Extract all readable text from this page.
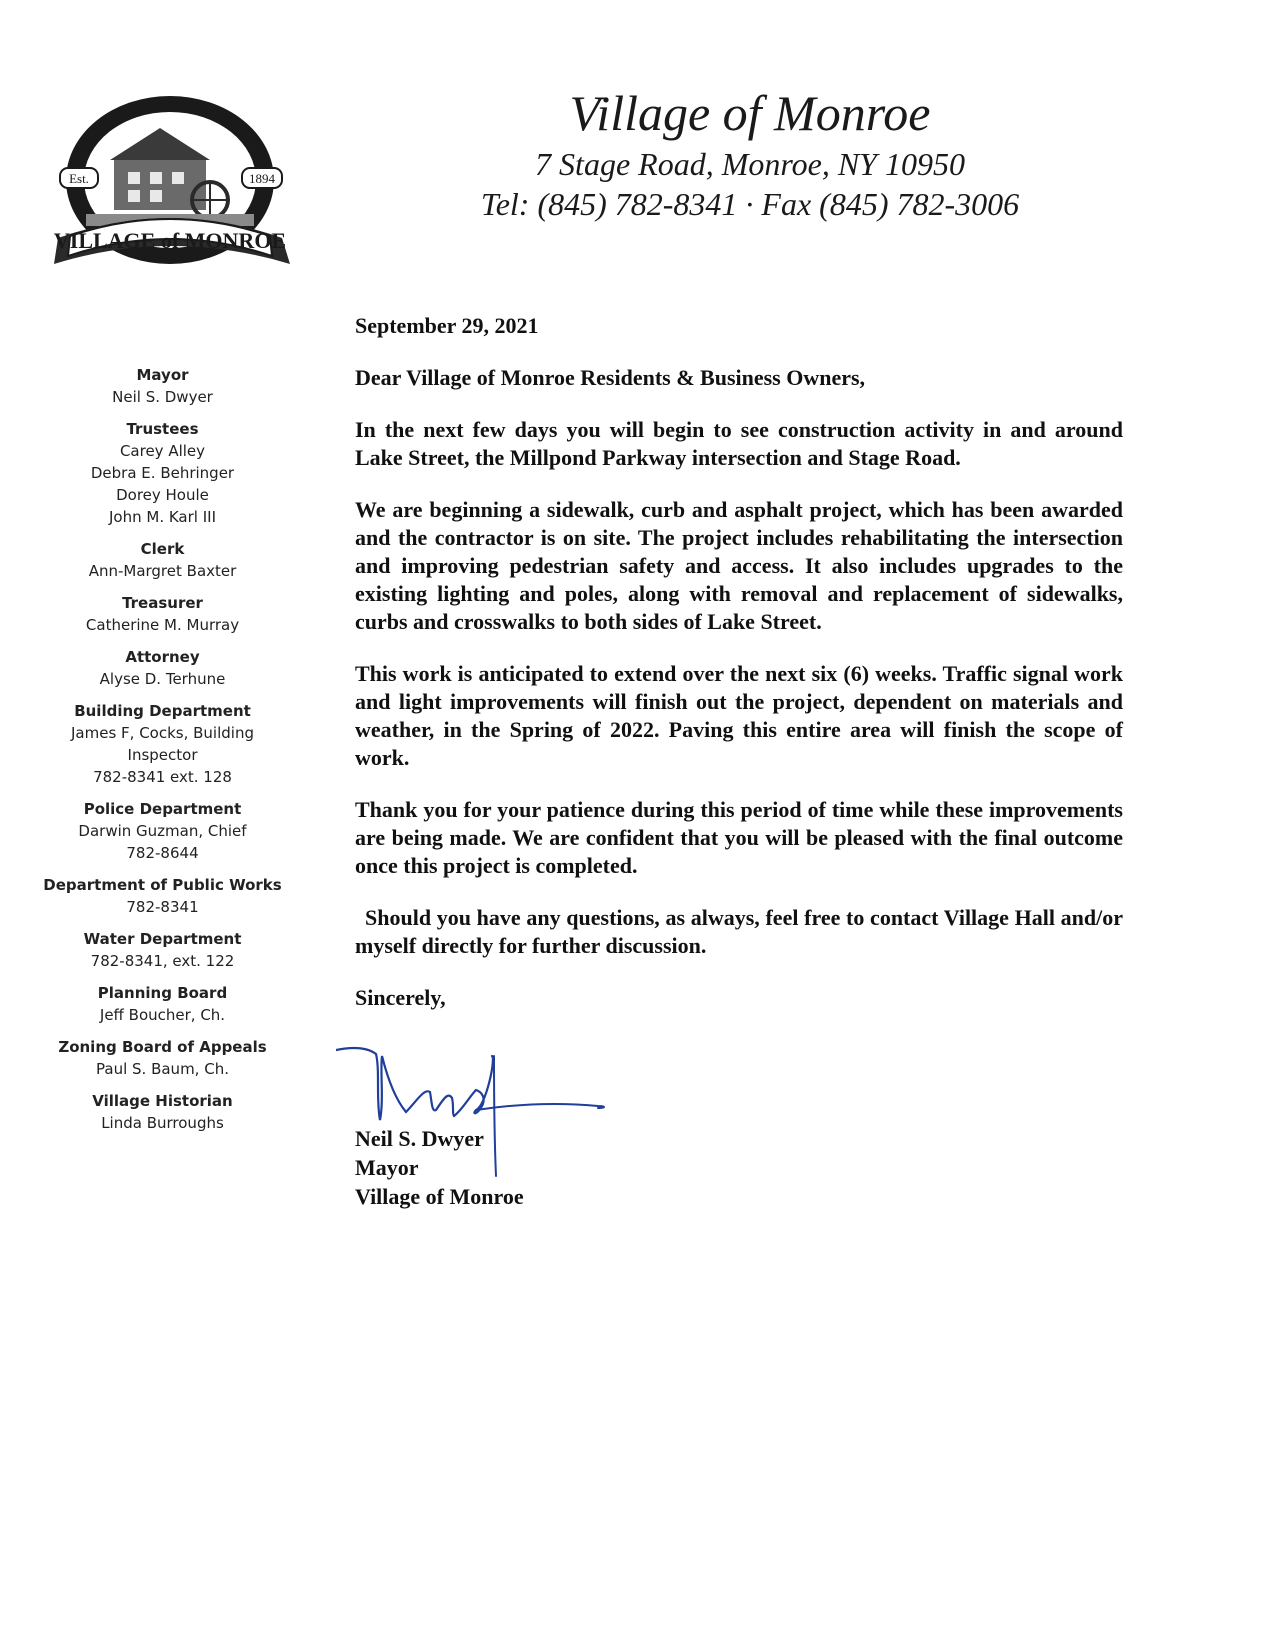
Est.	1894
VILLAGE of MONROE
Village of Monroe
7 Stage Road, Monroe, NY 10950
Tel: (845) 782-8341 · Fax (845) 782-3006
Mayor
Neil S. Dwyer
Trustees
Carey Alley
Debra E. Behringer
Dorey Houle
John M. Karl III
Clerk
Ann-Margret Baxter
Treasurer
Catherine M. Murray
Attorney
Alyse D. Terhune
Building Department
James F, Cocks, Building
Inspector
782-8341 ext. 128
Police Department
Darwin Guzman, Chief
782-8644
Department of Public Works
782-8341
Water Department
782-8341, ext. 122
Planning Board
Jeff Boucher, Ch.
Zoning Board of Appeals
Paul S. Baum, Ch.
Village Historian
Linda Burroughs
September 29, 2021
Dear Village of Monroe Residents & Business Owners,

In the next few days you will begin to see construction activity in and around Lake Street, the Millpond Parkway intersection and Stage Road.

We are beginning a sidewalk, curb and asphalt project, which has been awarded and the contractor is on site. The project includes rehabilitating the intersection and improving pedestrian safety and access. It also includes upgrades to the existing lighting and poles, along with removal and replacement of sidewalks, curbs and crosswalks to both sides of Lake Street.

This work is anticipated to extend over the next six (6) weeks. Traffic signal work and light improvements will finish out the project, dependent on materials and weather, in the Spring of 2022. Paving this entire area will finish the scope of work.

Thank you for your patience during this period of time while these improvements are being made. We are confident that you will be pleased with the final outcome once this project is completed.

Should you have any questions, as always, feel free to contact Village Hall and/or myself directly for further discussion.

Sincerely,
Neil S. Dwyer
Mayor
Village of Monroe
